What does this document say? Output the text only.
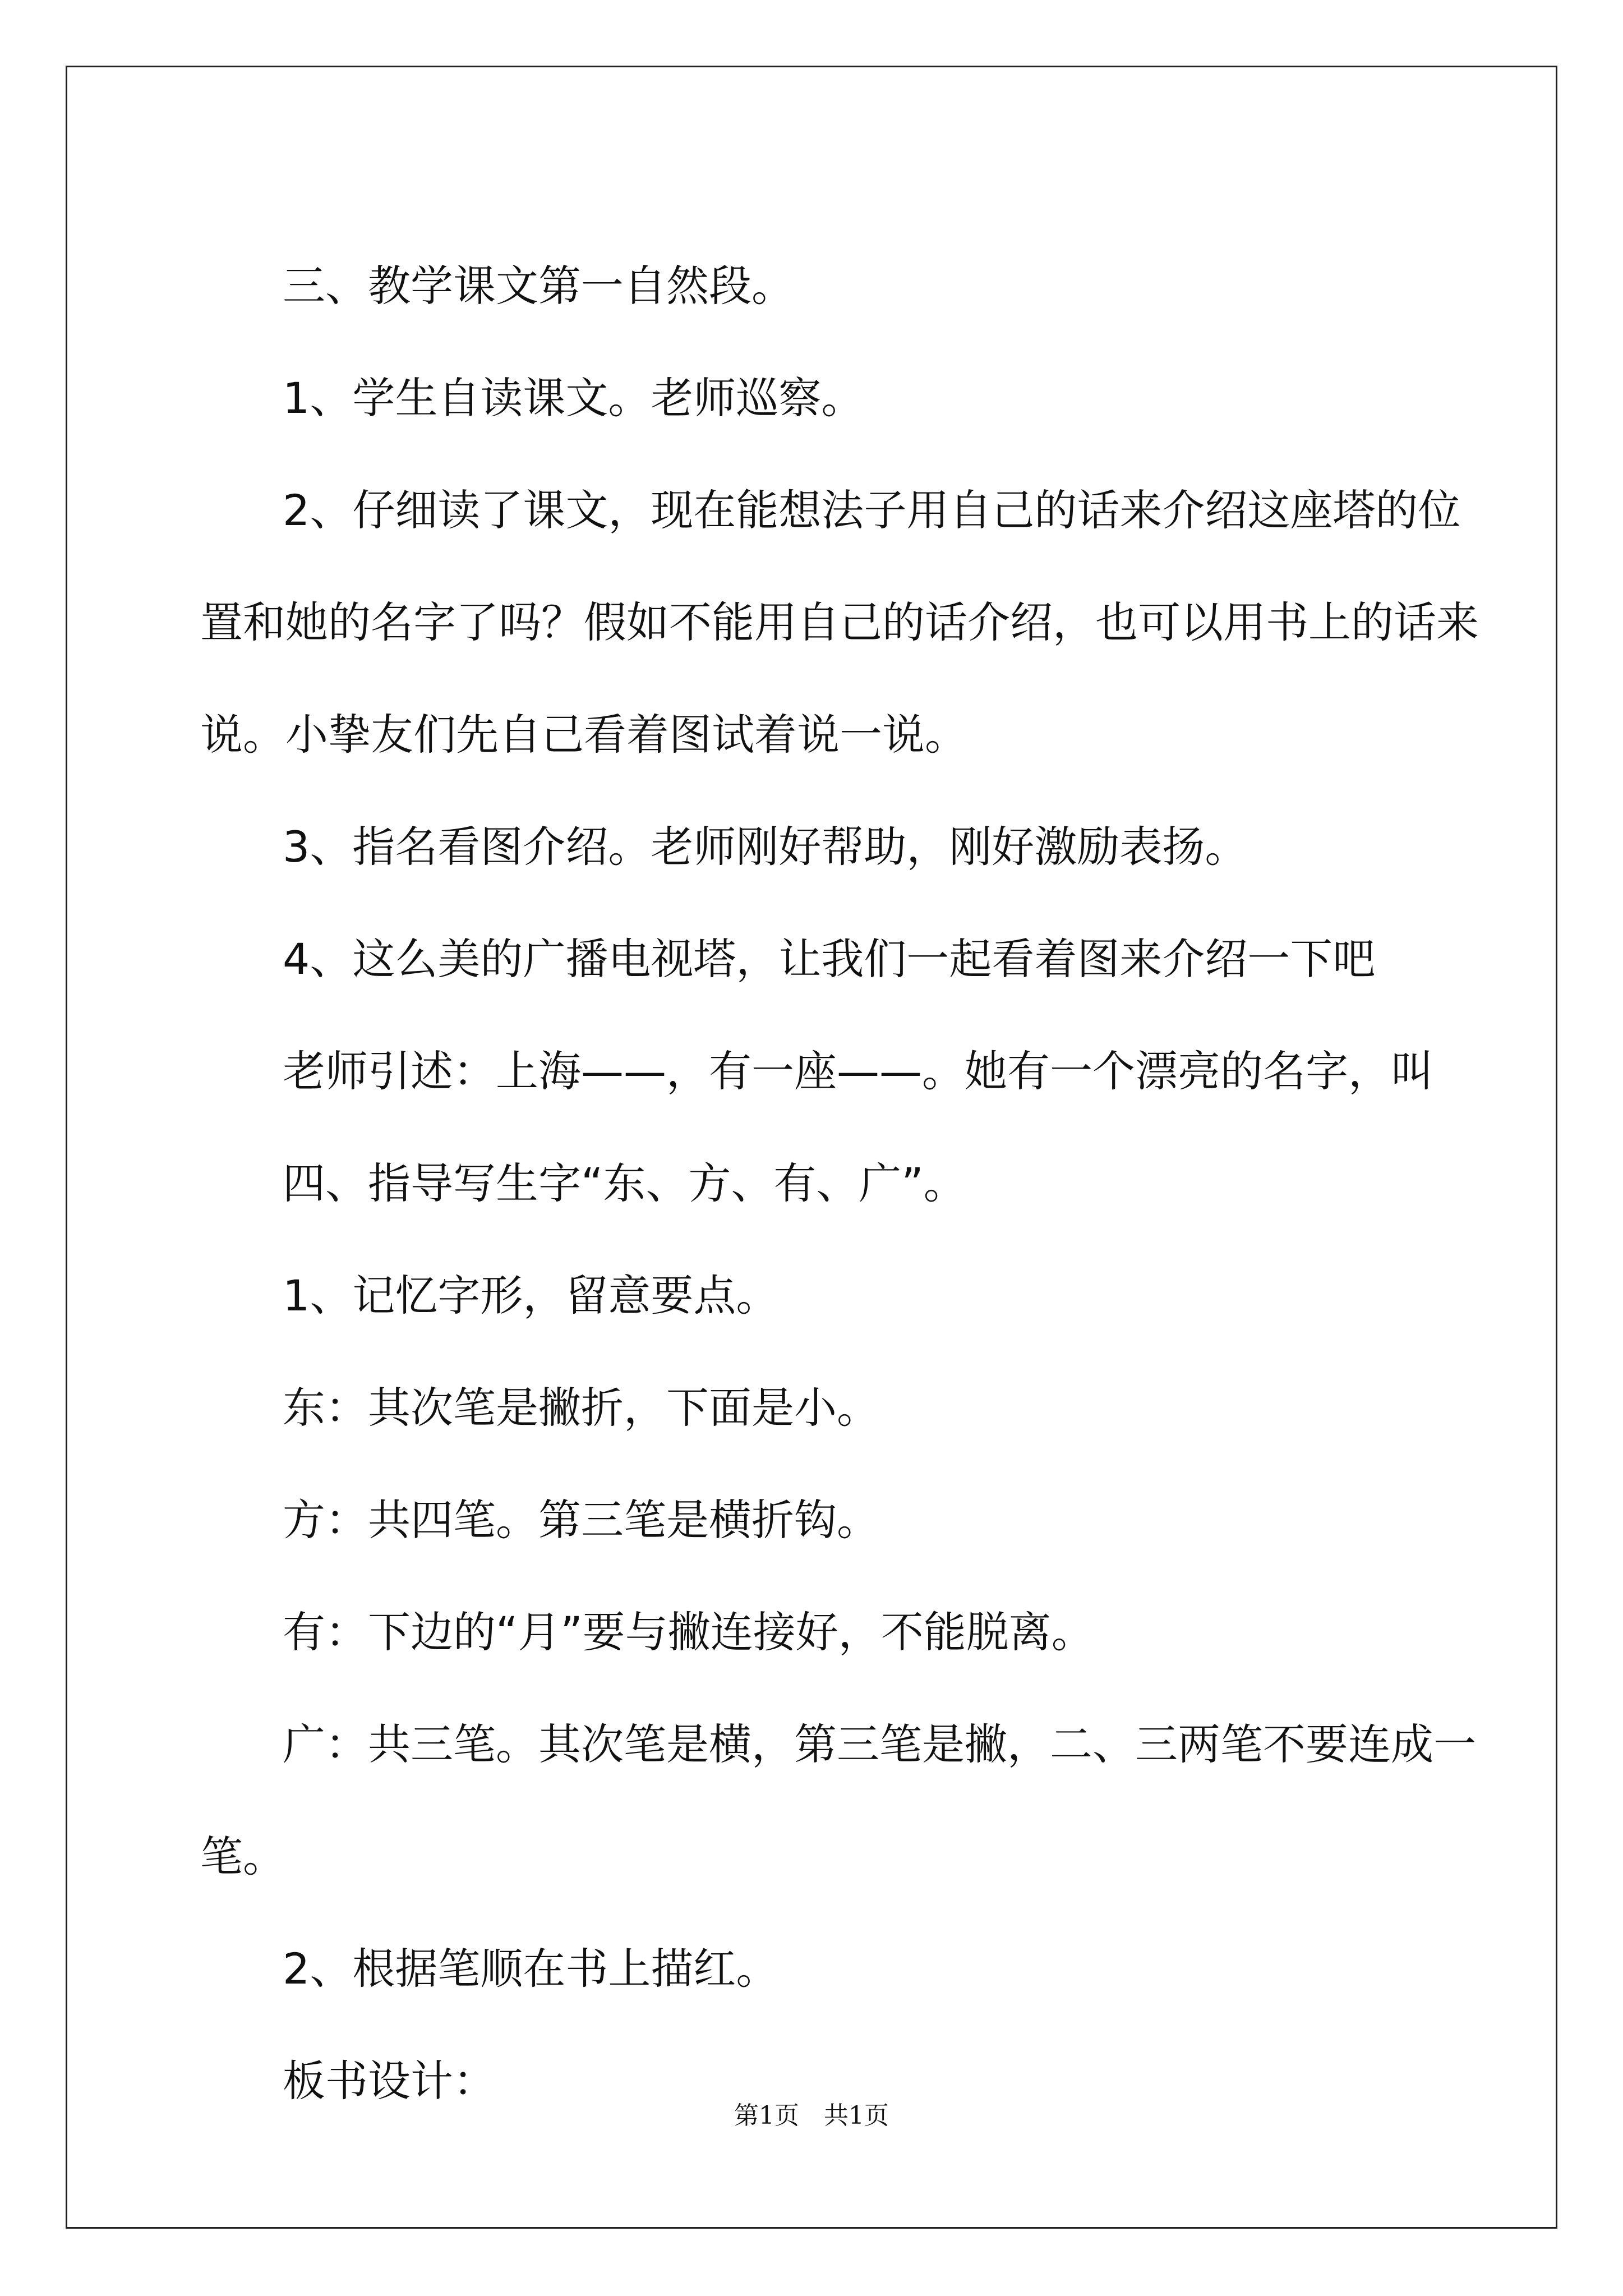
三、教学课文第一自然段。

1、学生自读课文。老师巡察。

2、仔细读了课文，现在能想法子用自己的话来介绍这座塔的位置和她的名字了吗？假如不能用自己的话介绍，也可以用书上的话来说。小挚友们先自己看着图试着说一说。

3、指名看图介绍。老师刚好帮助，刚好激励表扬。

4、这么美的广播电视塔，让我们一起看着图来介绍一下吧

老师引述：上海——，有一座——。她有一个漂亮的名字，叫

四、指导写生字“东、方、有、广”。

1、记忆字形，留意要点。

东：其次笔是撇折，下面是小。

方：共四笔。第三笔是横折钩。

有：下边的“月”要与撇连接好，不能脱离。

广：共三笔。其次笔是横，第三笔是撇，二、三两笔不要连成一笔。

2、根据笔顺在书上描红。

板书设计：

第1页 共1页
